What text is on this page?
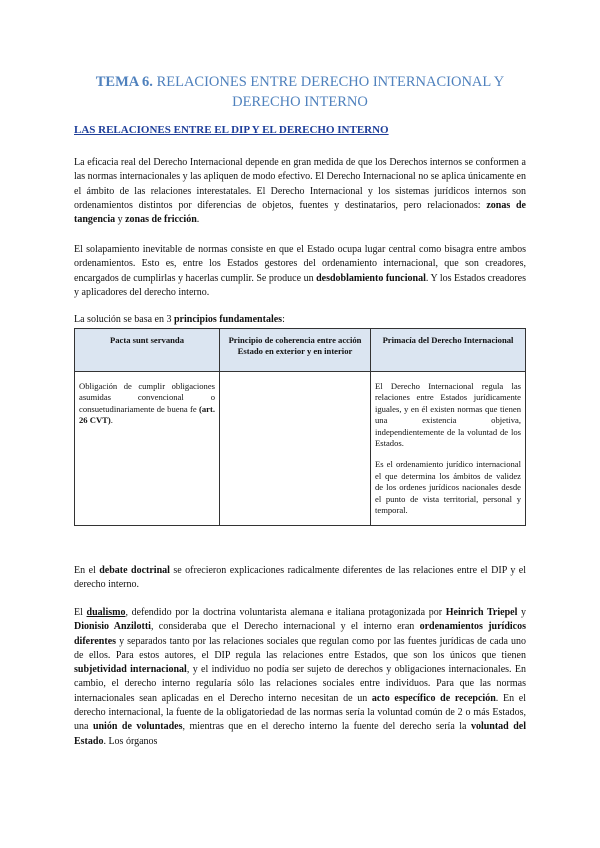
TEMA 6. RELACIONES ENTRE DERECHO INTERNACIONAL Y DERECHO INTERNO
LAS RELACIONES ENTRE EL DIP Y EL DERECHO INTERNO

La eficacia real del Derecho Internacional depende en gran medida de que los Derechos internos se conformen a las normas internacionales y las apliquen de modo efectivo. El Derecho Internacional no se aplica únicamente en el ámbito de las relaciones interestatales. El Derecho Internacional y los sistemas jurídicos internos son ordenamientos distintos por diferencias de objetos, fuentes y destinatarios, pero relacionados: zonas de tangencia y zonas de fricción.

El solapamiento inevitable de normas consiste en que el Estado ocupa lugar central como bisagra entre ambos ordenamientos. Esto es, entre los Estados gestores del ordenamiento internacional, que son creadores, encargados de cumplirlas y hacerlas cumplir. Se produce un desdoblamiento funcional. Y los Estados creadores y aplicadores del derecho interno.

La solución se basa en 3 principios fundamentales:

Pacta sunt servanda	Principio de coherencia entre acción Estado en exterior y en interior	Primacía del Derecho Internacional
Obligación de cumplir obligaciones asumidas convencional o consuetudinariamente de buena fe (art. 26 CVT).		El Derecho Internacional regula las relaciones entre Estados jurídicamente iguales, y en él existen normas que tienen una existencia objetiva, independientemente de la voluntad de los Estados.

Es el ordenamiento jurídico internacional el que determina los ámbitos de validez de los ordenes jurídicos nacionales desde el punto de vista territorial, personal y temporal.

En el debate doctrinal se ofrecieron explicaciones radicalmente diferentes de las relaciones entre el DIP y el derecho interno.

El dualismo, defendido por la doctrina voluntarista alemana e italiana protagonizada por Heinrich Triepel y Dionisio Anzilotti, consideraba que el Derecho internacional y el interno eran ordenamientos jurídicos diferentes y separados tanto por las relaciones sociales que regulan como por las fuentes jurídicas de cada uno de ellos. Para estos autores, el DIP regula las relaciones entre Estados, que son los únicos que tienen subjetividad internacional, y el individuo no podía ser sujeto de derechos y obligaciones internacionales. En cambio, el derecho interno regularía sólo las relaciones sociales entre individuos. Para que las normas internacionales sean aplicadas en el Derecho interno necesitan de un acto específico de recepción. En el derecho internacional, la fuente de la obligatoriedad de las normas sería la voluntad común de 2 o más Estados, una unión de voluntades, mientras que en el derecho interno la fuente del derecho sería la voluntad del Estado. Los órganos
